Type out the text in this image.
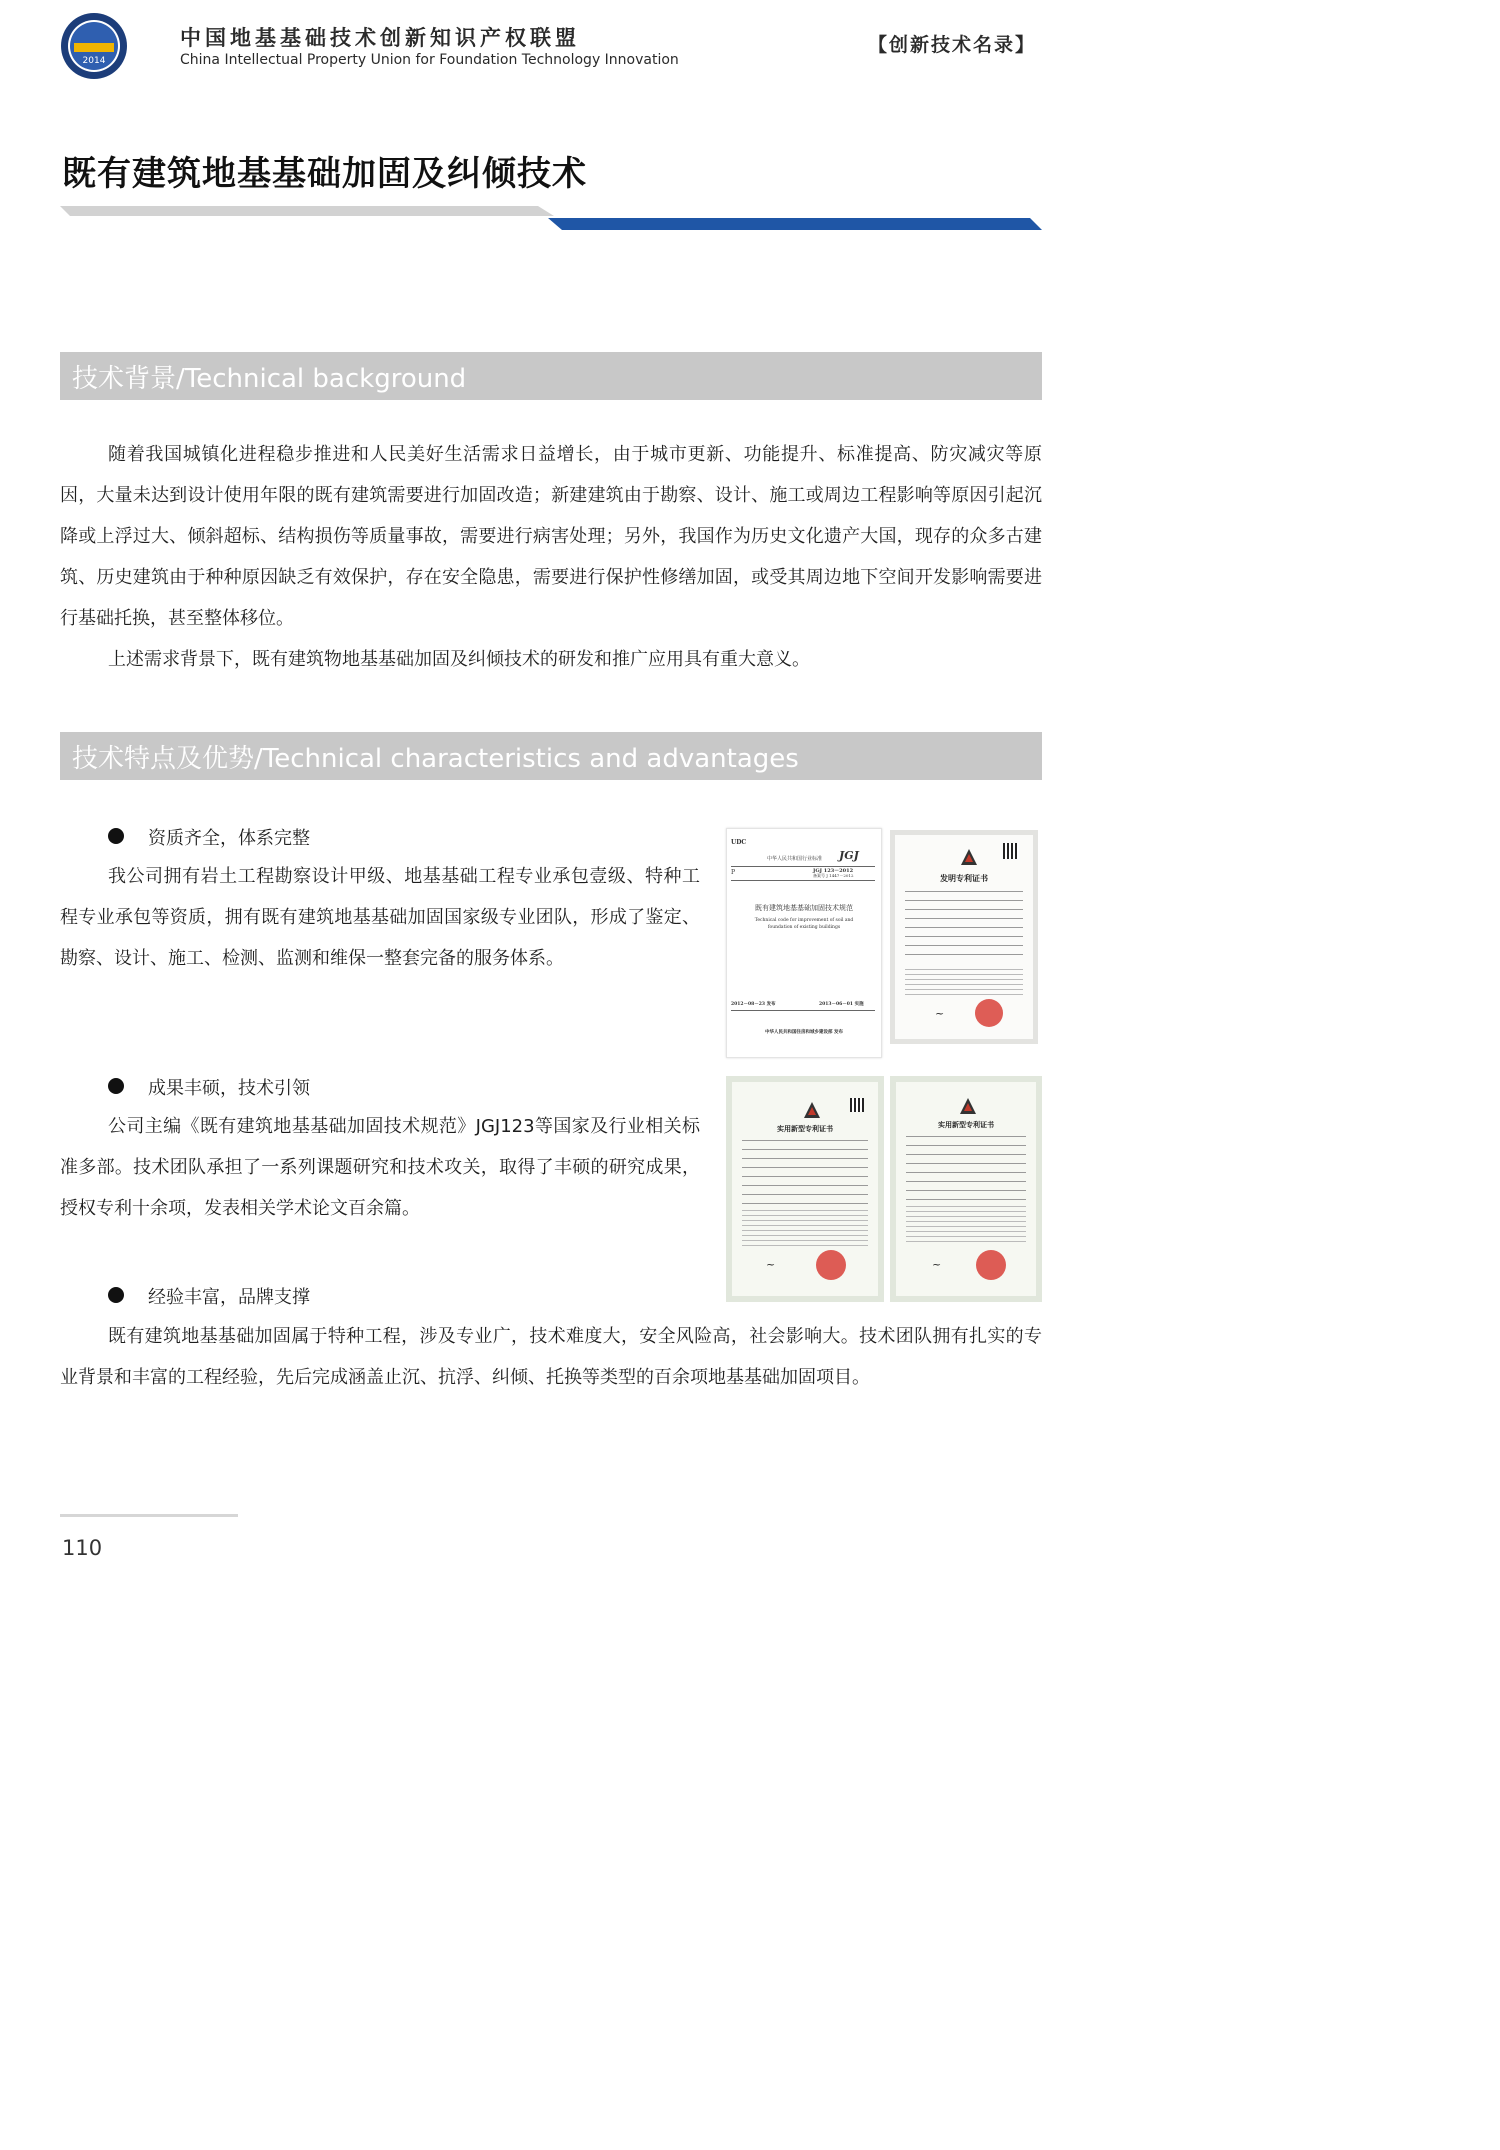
2014
中国地基基础技术创新知识产权联盟
China Intellectual Property Union for Foundation Technology Innovation
【创新技术名录】
既有建筑地基基础加固及纠倾技术
技术背景/Technical background

随着我国城镇化进程稳步推进和人民美好生活需求日益增长，由于城市更新、功能提升、标准提高、防灾减灾等原因，大量未达到设计使用年限的既有建筑需要进行加固改造；新建建筑由于勘察、设计、施工或周边工程影响等原因引起沉降或上浮过大、倾斜超标、结构损伤等质量事故，需要进行病害处理；另外，我国作为历史文化遗产大国，现存的众多古建筑、历史建筑由于种种原因缺乏有效保护，存在安全隐患，需要进行保护性修缮加固，或受其周边地下空间开发影响需要进行基础托换，甚至整体移位。

上述需求背景下，既有建筑物地基基础加固及纠倾技术的研发和推广应用具有重大意义。

技术特点及优势/Technical characteristics and advantages
资质齐全，体系完整

我公司拥有岩土工程勘察设计甲级、地基基础工程专业承包壹级、特种工程专业承包等资质，拥有既有建筑地基基础加固国家级专业团队，形成了鉴定、勘察、设计、施工、检测、监测和维保一整套完备的服务体系。

成果丰硕，技术引领

公司主编《既有建筑地基基础加固技术规范》JGJ123等国家及行业相关标准多部。技术团队承担了一系列课题研究和技术攻关，取得了丰硕的研究成果，授权专利十余项，发表相关学术论文百余篇。

经验丰富，品牌支撑

既有建筑地基基础加固属于特种工程，涉及专业广，技术难度大，安全风险高，社会影响大。技术团队拥有扎实的专业背景和丰富的工程经验，先后完成涵盖止沉、抗浮、纠倾、托换等类型的百余项地基基础加固项目。

UDC
中华人民共和国行业标准 JGJ
P	JGJ 123－2012
备案号 J 1447－2012
既有建筑地基基础加固技术规范
Technical code for improvement of soil and foundation of existing buildings
2012－08－23 发布	2013－06－01 实施
中华人民共和国住房和城乡建设部 发布
发明专利证书
~
实用新型专利证书
~
实用新型专利证书
~
110
